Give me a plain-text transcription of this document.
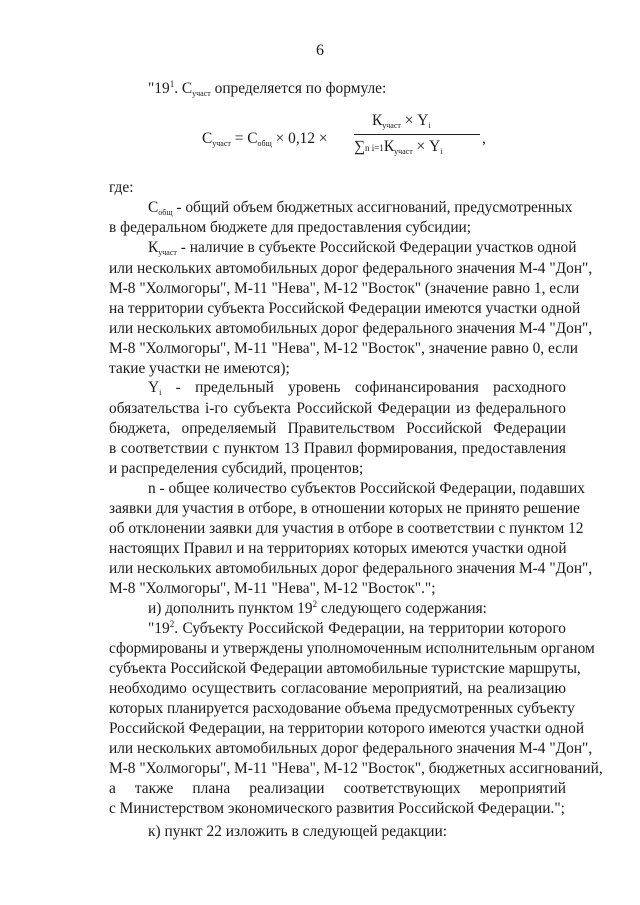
6
"$19^1$. $С_{участ}$ определяется по формуле:
$С_{участ} = С_{общ} \times 0,12$ ×
$К_{участ} \times Y_i$
∑n $i=1К_{участ} \times Y_i$
,
где:
$С_{общ}$ - общий объем бюджетных ассигнований, предусмотренных
в федеральном бюджете для предоставления субсидии;
$К_{участ}$ - наличие в субъекте Российской Федерации участков одной
или нескольких автомобильных дорог федерального значения М-4 "Дон",
М-8 "Холмогоры", М-11 "Нева", М-12 "Восток" (значение равно 1, если
на территории субъекта Российской Федерации имеются участки одной
или нескольких автомобильных дорог федерального значения М-4 "Дон",
М-8 "Холмогоры", М-11 "Нева", М-12 "Восток", значение равно 0, если
такие участки не имеются);
$Y_i$ - предельный уровень софинансирования расходного
обязательства i-го субъекта Российской Федерации из федерального
бюджета, определяемый Правительством Российской Федерации
в соответствии с пунктом 13 Правил формирования, предоставления
и распределения субсидий, процентов;
n - общее количество субъектов Российской Федерации, подавших
заявки для участия в отборе, в отношении которых не принято решение
об отклонении заявки для участия в отборе в соответствии с пунктом 12
настоящих Правил и на территориях которых имеются участки одной
или нескольких автомобильных дорог федерального значения М-4 "Дон",
М-8 "Холмогоры", М-11 "Нева", М-12 "Восток".";
и) дополнить пунктом $19^2$ следующего содержания:
"$19^2$. Субъекту Российской Федерации, на территории которого
сформированы и утверждены уполномоченным исполнительным органом
субъекта Российской Федерации автомобильные туристские маршруты,
необходимо осуществить согласование мероприятий, на реализацию
которых планируется расходование объема предусмотренных субъекту
Российской Федерации, на территории которого имеются участки одной
или нескольких автомобильных дорог федерального значения М-4 "Дон",
М-8 "Холмогоры", М-11 "Нева", М-12 "Восток", бюджетных ассигнований,
а также плана реализации соответствующих мероприятий
с Министерством экономического развития Российской Федерации.";
к) пункт 22 изложить в следующей редакции:
